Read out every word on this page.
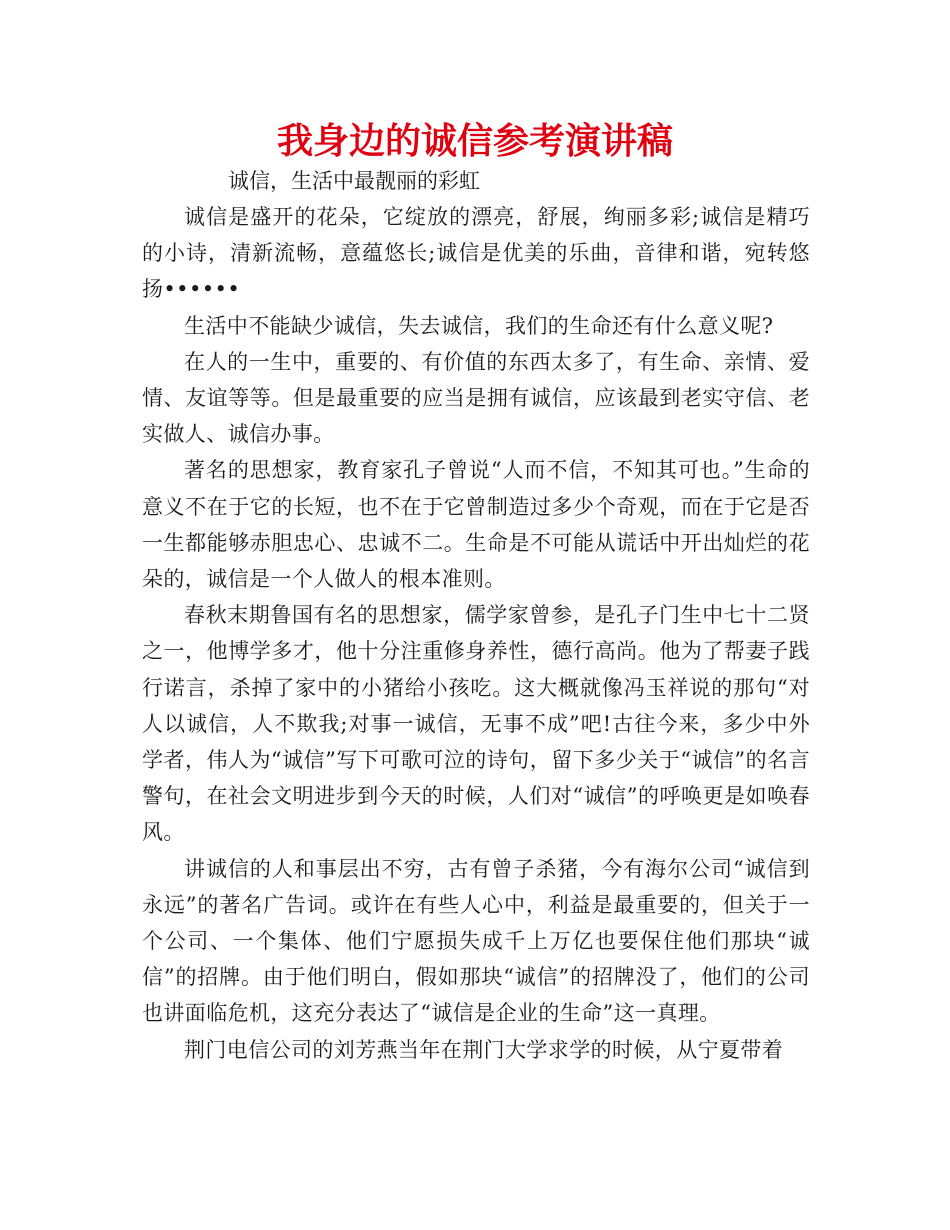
我身边的诚信参考演讲稿
诚信，生活中最靓丽的彩虹

诚信是盛开的花朵，它绽放的漂亮，舒展，绚丽多彩;诚信是精巧的小诗，清新流畅，意蕴悠长;诚信是优美的乐曲，音律和谐，宛转悠扬••••••

生活中不能缺少诚信，失去诚信，我们的生命还有什么意义呢?

在人的一生中，重要的、有价值的东西太多了，有生命、亲情、爱情、友谊等等。但是最重要的应当是拥有诚信，应该最到老实守信、老实做人、诚信办事。

著名的思想家，教育家孔子曾说“人而不信，不知其可也。”生命的意义不在于它的长短，也不在于它曾制造过多少个奇观，而在于它是否一生都能够赤胆忠心、忠诚不二。生命是不可能从谎话中开出灿烂的花朵的，诚信是一个人做人的根本准则。

春秋末期鲁国有名的思想家，儒学家曾参，是孔子门生中七十二贤之一，他博学多才，他十分注重修身养性，德行高尚。他为了帮妻子践行诺言，杀掉了家中的小猪给小孩吃。这大概就像冯玉祥说的那句“对人以诚信，人不欺我;对事一诚信，无事不成”吧!古往今来，多少中外学者，伟人为“诚信”写下可歌可泣的诗句，留下多少关于“诚信”的名言警句，在社会文明进步到今天的时候，人们对“诚信”的呼唤更是如唤春风。

讲诚信的人和事层出不穷，古有曾子杀猪，今有海尔公司“诚信到永远”的著名广告词。或许在有些人心中，利益是最重要的，但关于一个公司、一个集体、他们宁愿损失成千上万亿也要保住他们那块“诚信”的招牌。由于他们明白，假如那块“诚信”的招牌没了，他们的公司也讲面临危机，这充分表达了“诚信是企业的生命”这一真理。

荆门电信公司的刘芳燕当年在荆门大学求学的时候，从宁夏带着
